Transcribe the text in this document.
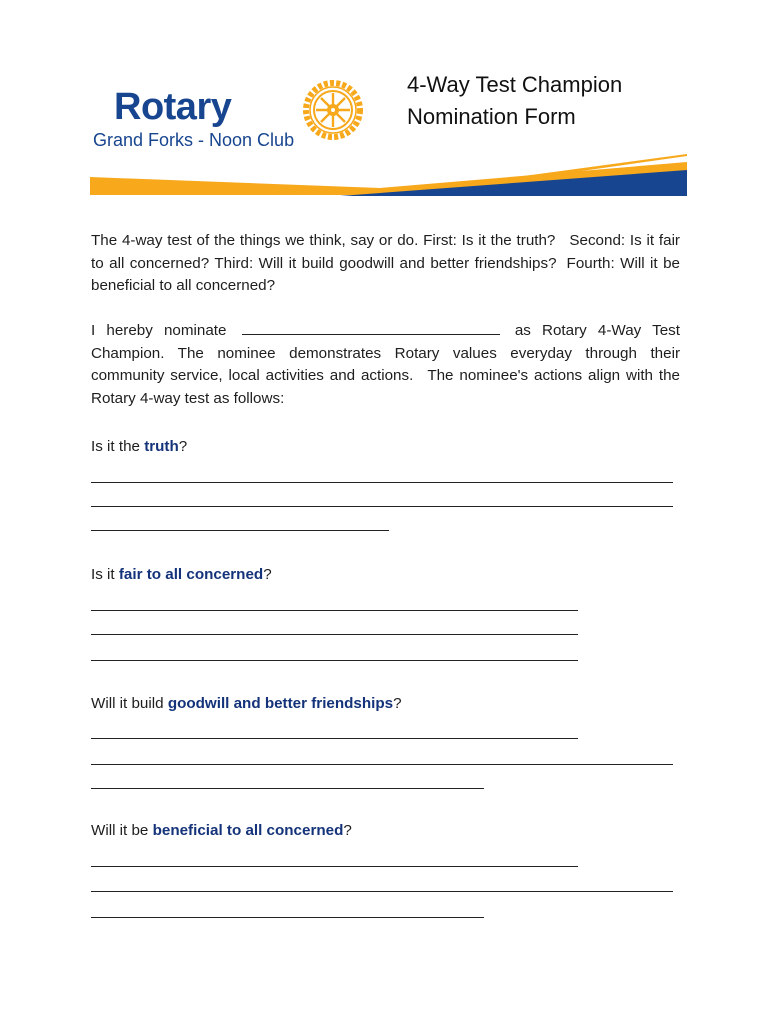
Rotary
Grand Forks - Noon Club
4-Way Test Champion
Nomination Form
The 4-way test of the things we think, say or do. First: Is it the truth? Second: Is it fair to all concerned? Third: Will it build goodwill and better friendships? Fourth: Will it be beneficial to all concerned?
I hereby nominate	as Rotary 4-Way Test Champion. The nominee demonstrates Rotary values everyday through their community service, local activities and actions. The nominee's actions align with the Rotary 4-way test as follows:
Is it the truth?
Is it fair to all concerned?
Will it build goodwill and better friendships?
Will it be beneficial to all concerned?
